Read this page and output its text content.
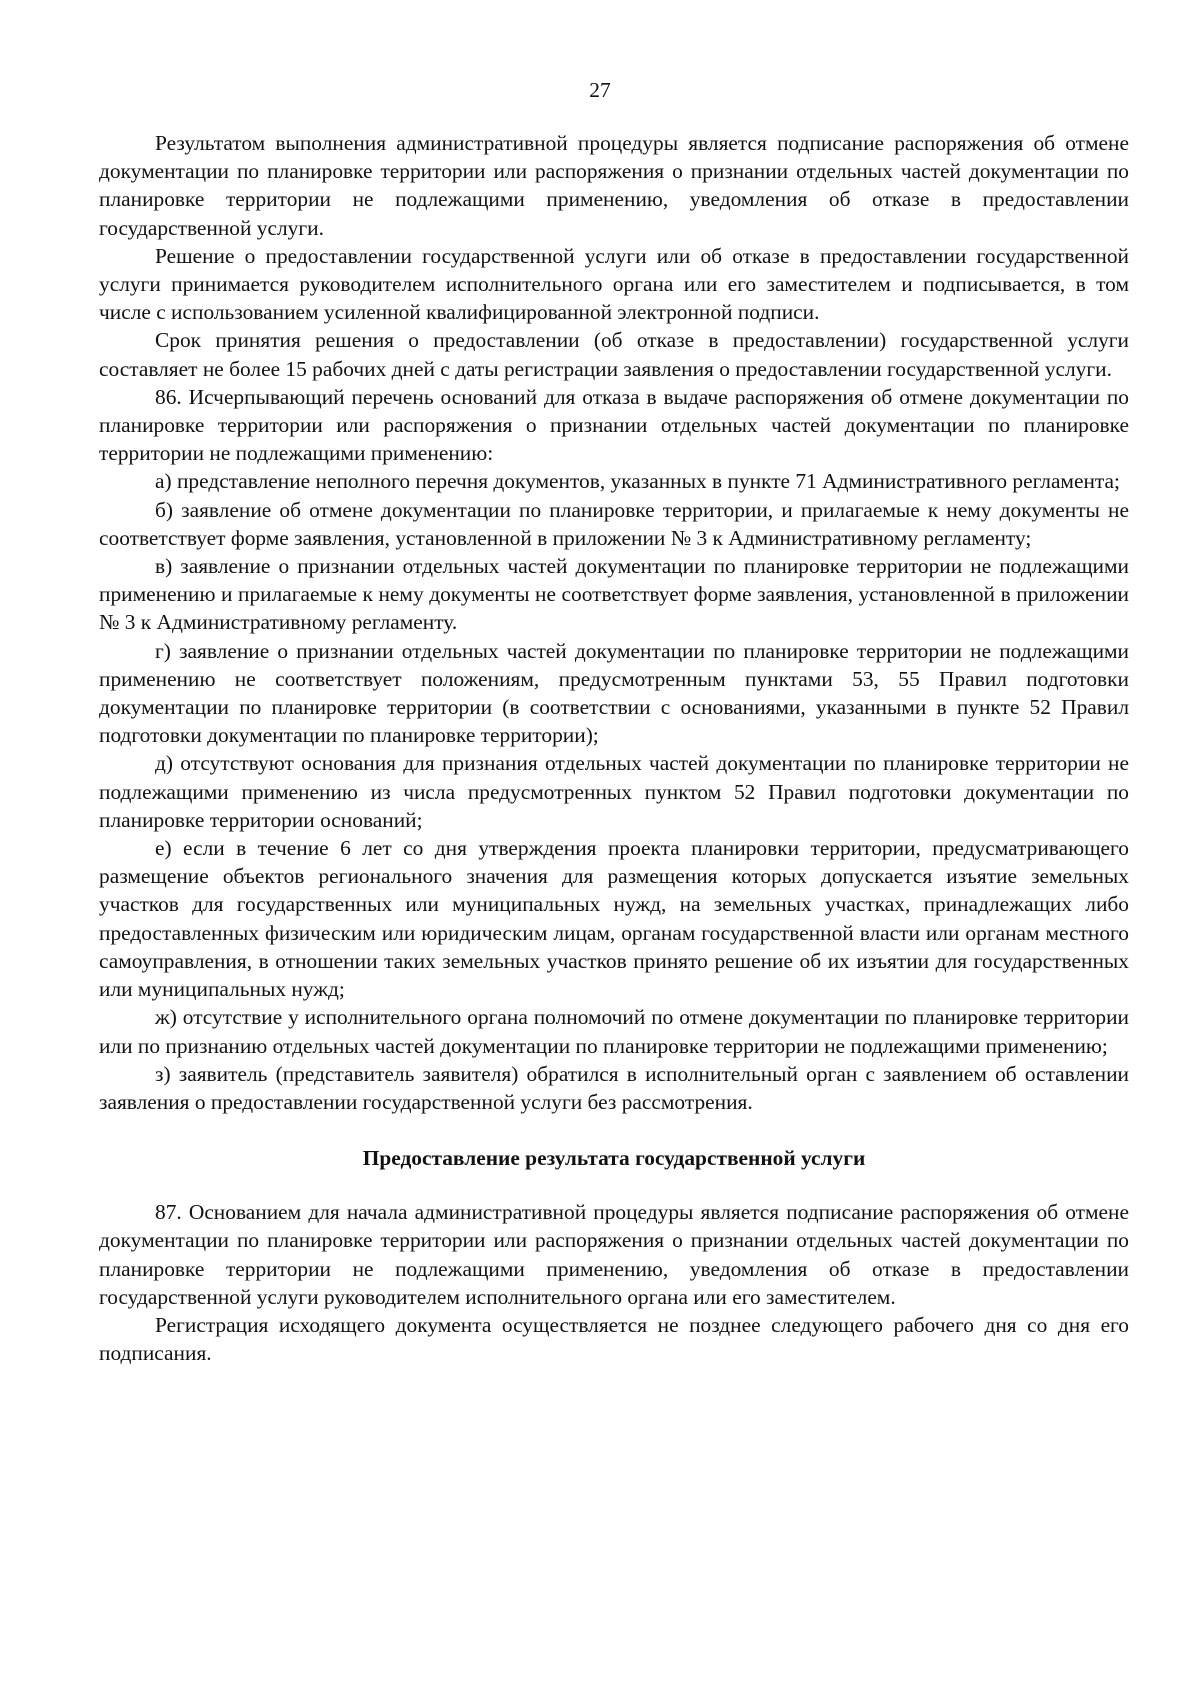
27

Результатом выполнения административной процедуры является подписание распоряжения об отмене документации по планировке территории или распоряжения о признании отдельных частей документации по планировке территории не подлежащими применению, уведомления об отказе в предоставлении государственной услуги.

Решение о предоставлении государственной услуги или об отказе в предоставлении государственной услуги принимается руководителем исполнительного органа или его заместителем и подписывается, в том числе с использованием усиленной квалифицированной электронной подписи.

Срок принятия решения о предоставлении (об отказе в предоставлении) государственной услуги составляет не более 15 рабочих дней с даты регистрации заявления о предоставлении государственной услуги.

86. Исчерпывающий перечень оснований для отказа в выдаче распоряжения об отмене документации по планировке территории или распоряжения о признании отдельных частей документации по планировке территории не подлежащими применению:

а) представление неполного перечня документов, указанных в пункте 71 Административного регламента;

б) заявление об отмене документации по планировке территории, и прилагаемые к нему документы не соответствует форме заявления, установленной в приложении № 3 к Административному регламенту;

в) заявление о признании отдельных частей документации по планировке территории не подлежащими применению и прилагаемые к нему документы не соответствует форме заявления, установленной в приложении № 3 к Административному регламенту.

г) заявление о признании отдельных частей документации по планировке территории не подлежащими применению не соответствует положениям, предусмотренным пунктами 53, 55 Правил подготовки документации по планировке территории (в соответствии с основаниями, указанными в пункте 52 Правил подготовки документации по планировке территории);

д) отсутствуют основания для признания отдельных частей документации по планировке территории не подлежащими применению из числа предусмотренных пунктом 52 Правил подготовки документации по планировке территории оснований;

е) если в течение 6 лет со дня утверждения проекта планировки территории, предусматривающего размещение объектов регионального значения для размещения которых допускается изъятие земельных участков для государственных или муниципальных нужд, на земельных участках, принадлежащих либо предоставленных физическим или юридическим лицам, органам государственной власти или органам местного самоуправления, в отношении таких земельных участков принято решение об их изъятии для государственных или муниципальных нужд;

ж) отсутствие у исполнительного органа полномочий по отмене документации по планировке территории или по признанию отдельных частей документации по планировке территории не подлежащими применению;

з) заявитель (представитель заявителя) обратился в исполнительный орган с заявлением об оставлении заявления о предоставлении государственной услуги без рассмотрения.

Предоставление результата государственной услуги

87. Основанием для начала административной процедуры является подписание распоряжения об отмене документации по планировке территории или распоряжения о признании отдельных частей документации по планировке территории не подлежащими применению, уведомления об отказе в предоставлении государственной услуги руководителем исполнительного органа или его заместителем.

Регистрация исходящего документа осуществляется не позднее следующего рабочего дня со дня его подписания.
